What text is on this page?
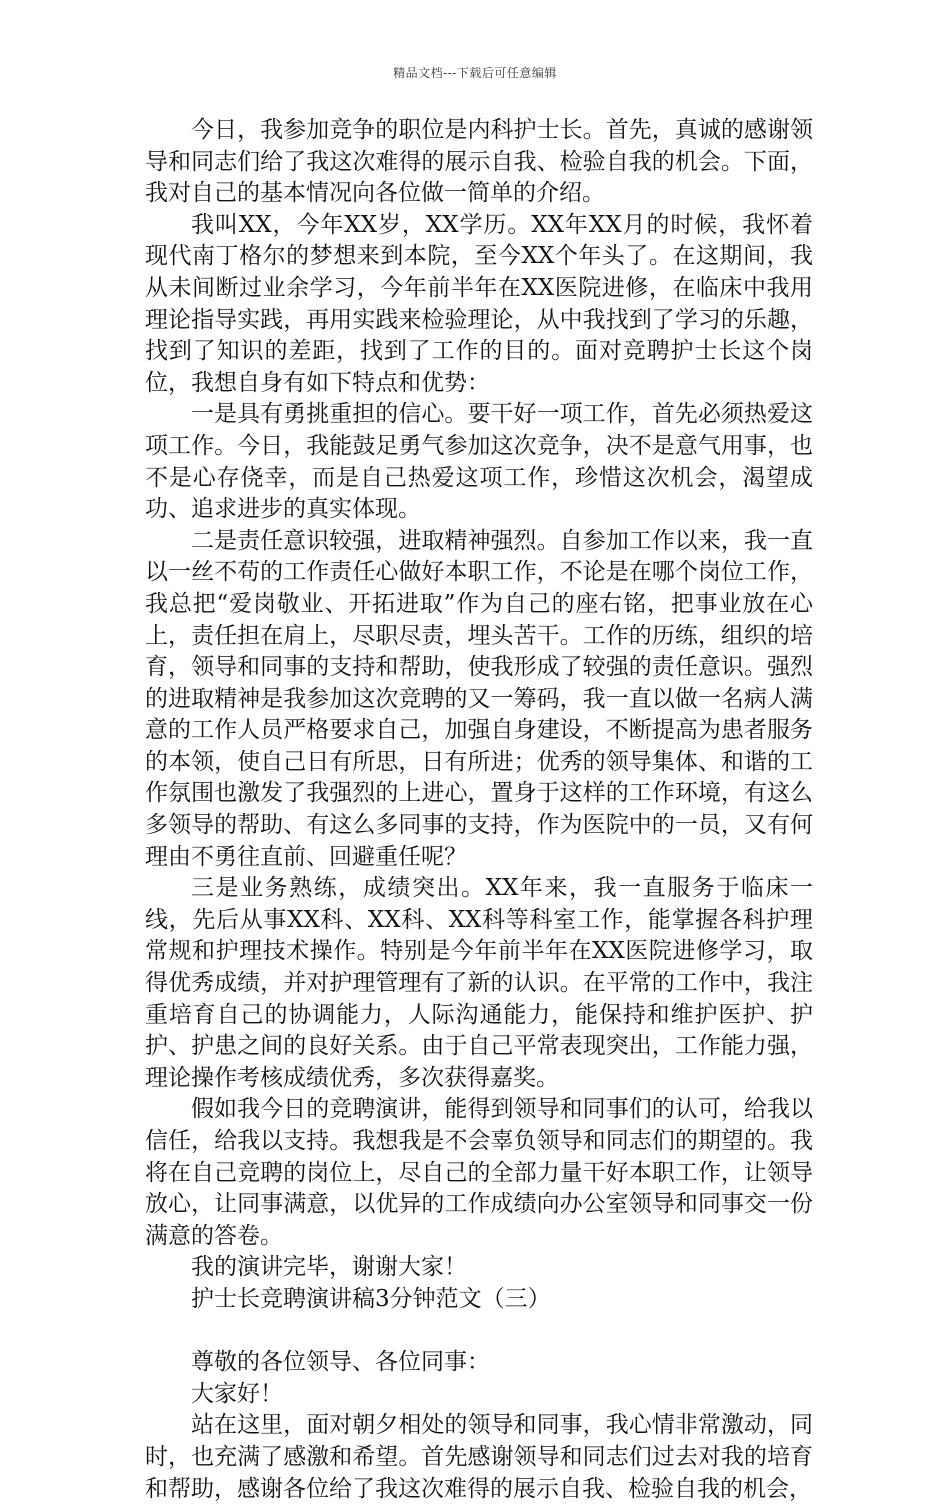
精品文档---下载后可任意编辑

今日，我参加竞争的职位是内科护士长。首先，真诚的感谢领导和同志们给了我这次难得的展示自我、检验自我的机会。下面，我对自己的基本情况向各位做一简单的介绍。

我叫XX，今年XX岁，XX学历。XX年XX月的时候，我怀着现代南丁格尔的梦想来到本院，至今XX个年头了。在这期间，我从未间断过业余学习，今年前半年在XX医院进修，在临床中我用理论指导实践，再用实践来检验理论，从中我找到了学习的乐趣，找到了知识的差距，找到了工作的目的。面对竞聘护士长这个岗位，我想自身有如下特点和优势：

一是具有勇挑重担的信心。要干好一项工作，首先必须热爱这项工作。今日，我能鼓足勇气参加这次竞争，决不是意气用事，也不是心存侥幸，而是自己热爱这项工作，珍惜这次机会，渴望成功、追求进步的真实体现。

二是责任意识较强，进取精神强烈。自参加工作以来，我一直以一丝不苟的工作责任心做好本职工作，不论是在哪个岗位工作，我总把“爱岗敬业、开拓进取”作为自己的座右铭，把事业放在心上，责任担在肩上，尽职尽责，埋头苦干。工作的历练，组织的培育，领导和同事的支持和帮助，使我形成了较强的责任意识。强烈的进取精神是我参加这次竞聘的又一筹码，我一直以做一名病人满意的工作人员严格要求自己，加强自身建设，不断提高为患者服务的本领，使自己日有所思，日有所进；优秀的领导集体、和谐的工作氛围也激发了我强烈的上进心，置身于这样的工作环境，有这么多领导的帮助、有这么多同事的支持，作为医院中的一员，又有何理由不勇往直前、回避重任呢？

三是业务熟练，成绩突出。XX年来，我一直服务于临床一线，先后从事XX科、XX科、XX科等科室工作，能掌握各科护理常规和护理技术操作。特别是今年前半年在XX医院进修学习，取得优秀成绩，并对护理管理有了新的认识。在平常的工作中，我注重培育自己的协调能力，人际沟通能力，能保持和维护医护、护护、护患之间的良好关系。由于自己平常表现突出，工作能力强，理论操作考核成绩优秀，多次获得嘉奖。

假如我今日的竞聘演讲，能得到领导和同事们的认可，给我以信任，给我以支持。我想我是不会辜负领导和同志们的期望的。我将在自己竞聘的岗位上，尽自己的全部力量干好本职工作，让领导放心，让同事满意，以优异的工作成绩向办公室领导和同事交一份满意的答卷。

我的演讲完毕，谢谢大家！

护士长竞聘演讲稿3分钟范文（三）

尊敬的各位领导、各位同事：

大家好！

站在这里，面对朝夕相处的领导和同事，我心情非常激动，同时，也充满了感激和希望。首先感谢领导和同志们过去对我的培育和帮助，感谢各位给了我这次难得的展示自我、检验自我的机会，
